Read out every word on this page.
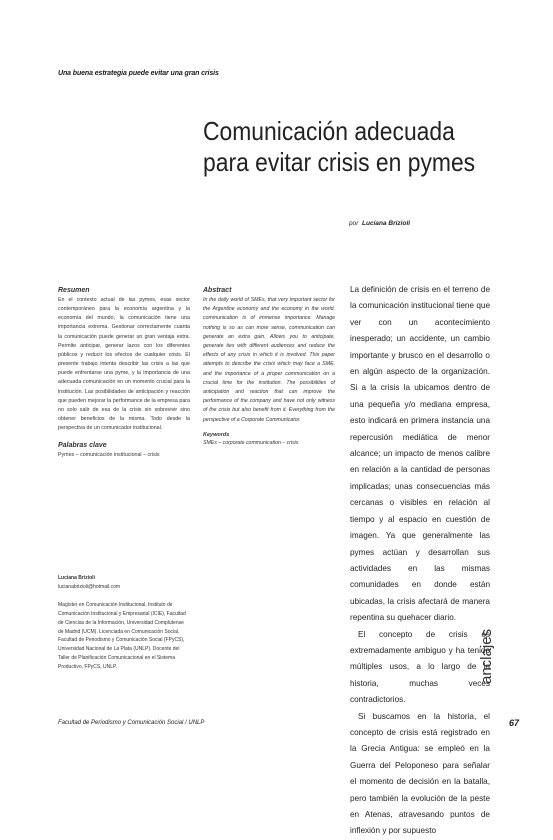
Una buena estrategia puede evitar una gran crisis
Comunicación adecuada
para evitar crisis en pymes
por Luciana Brizioli
Resumen
En el contexto actual de las pymes, esas sector contemporáneo para la economía argentina y la economía del mundo, la comunicación tiene una importancia extrema. Gestionar correctamente cuanta la comunicación puede generar un gran ventaja extra. Permite anticipar, generar lazos con los diferentes públicos y reducir los efectos de cualquier crisis. El presente trabajo intenta describir las crisis a las que puede enfrentarse una pyme, y la importancia de una adecuada comunicación en un momento crucial para la institución. Las posibilidades de anticipación y reacción que pueden mejorar la performance de la empresa para no solo salir de esa de la crisis sin sobrevivir sino obtener beneficios de la misma. Todo desde la perspectiva de un comunicador institucional.
Palabras clave
Pymes – comunicación institucional – crisis
Abstract
In the daily world of SMEs, that very important sector for the Argentine economy and the economy in the world, communication is of immense importance. Manage nothing is so as can more sense, communication can generate an extra gain. Allows you to anticipate, generate ties with different audiences and reduce the effects of any crisis in which it is involved. This paper attempts to describe the crisis which may face a SME, and the importance of a proper communication on a crucial time for the institution. The possibilities of anticipation and reaction that can improve the performance of the company and have not only witness of the crisis but also benefit from it. Everything from the perspective of a Corporate Communicator.
Keywords
SMEs – corporate communication – crisis

Luciana Brizioli

lucianabrizioli@hotmail.com

Magíster en Comunicación Institucional, Instituto de Comunicación Institucional y Empresarial (ICIE), Facultad de Ciencias de la Información, Universidad Complutense de Madrid (UCM). Licenciada en Comunicación Social, Facultad de Periodismo y Comunicación Social (FPyCS), Universidad Nacional de La Plata (UNLP). Docente del Taller de Planificación Comunicacional en el Sistema Productivo, FPyCS, UNLP.

La definición de crisis en el terreno de la comunicación institucional tiene que ver con un acontecimiento inesperado; un accidente, un cambio importante y brusco en el desarrollo o en algún aspecto de la organización. Si a la crisis la ubicamos dentro de una pequeña y/o mediana empresa, esto indicará en primera instancia una repercusión mediática de menor alcance; un impacto de menos calibre en relación a la cantidad de personas implicadas; unas consecuencias más cercanas o visibles en relación al tiempo y al espacio en cuestión de imagen. Ya que generalmente las pymes actúan y desarrollan sus actividades en las mismas comunidades en donde están ubicadas, la crisis afectará de manera repentina su quehacer diario.

El concepto de crisis es extremadamente ambiguo y ha tenido múltiples usos, a lo largo de la historia, muchas veces contradictorios.

Si buscamos en la historia, el concepto de crisis está registrado en la Grecia Antigua: se empleó en la Guerra del Peloponeso para señalar el momento de decisión en la batalla, pero también la evolución de la peste en Atenas, atravesando puntos de inflexión y por supuesto

anclajes
Facultad de Periodismo y Comunicación Social / UNLP	67
